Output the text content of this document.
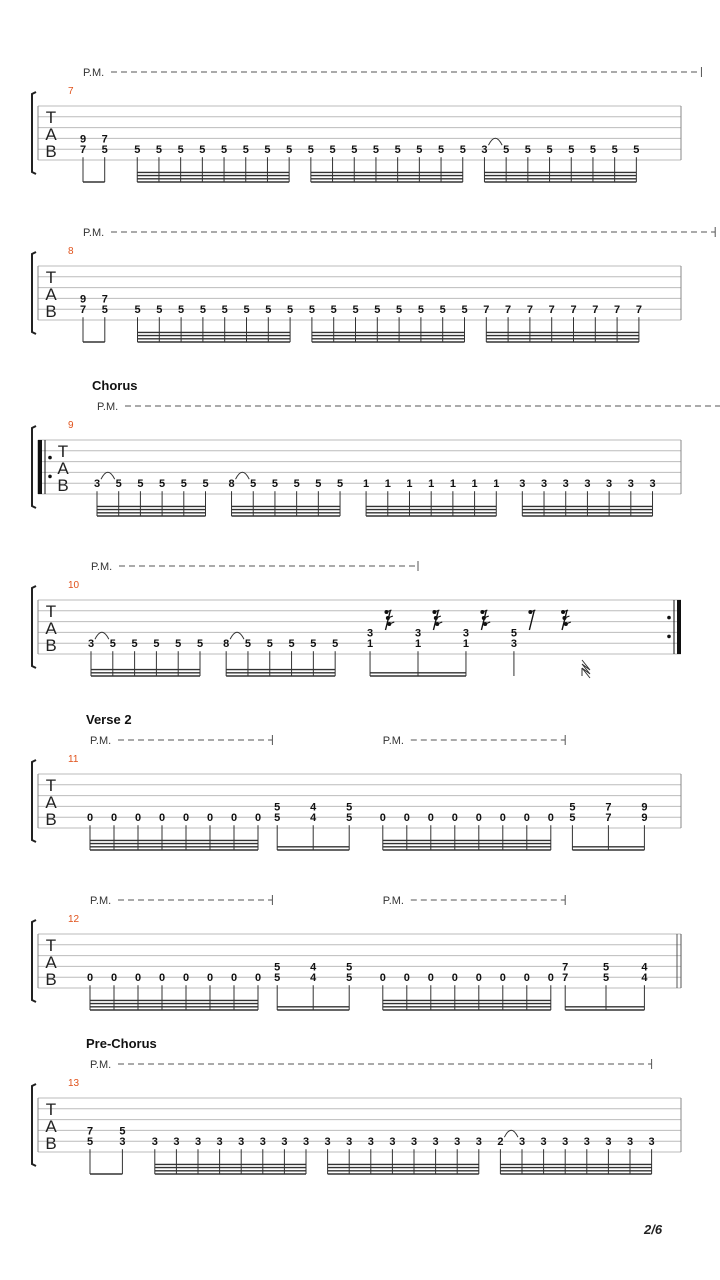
T
A
B
7
P.M.
9
7
7
5 5 5 5 5 5 5 5 5 5 5 5 5 5 5 5 5 3 5 5 5 5 5 5 5
T
A
B
8
P.M.
9
7
7
5 5 5 5 5 5 5 5 5 5 5 5 5 5 5 5 5 7 7 7 7 7 7 7 7
T
A
B
9
Chorus
P.M.
3 5 5 5 5 5 8 5 5 5 5 5 1 1 1 1 1 1 1 3 3 3 3 3 3 3
T
A
B
10
P.M.
3 5 5 5 5 5 8 5 5 5 5 5
3
1
3
1
3
1
5
3
T
A
B
11
Verse 2
P.M.	P.M.
0 0 0 0 0 0 0 0
5
5
4
4
5
5 0 0 0 0 0 0 0 0
5
5
7
7
9
9
T
A
B
12
P.M.	P.M.
0 0 0 0 0 0 0 0
5
5
4
4
5
5 0 0 0 0 0 0 0 0
7
7
5
5
4
4
T
A
B
13
Pre-Chorus
P.M.
7
5
5
3 3 3 3 3 3 3 3 3 3 3 3 3 3 3 3 3 2 3 3 3 3 3 3 3
2/6
